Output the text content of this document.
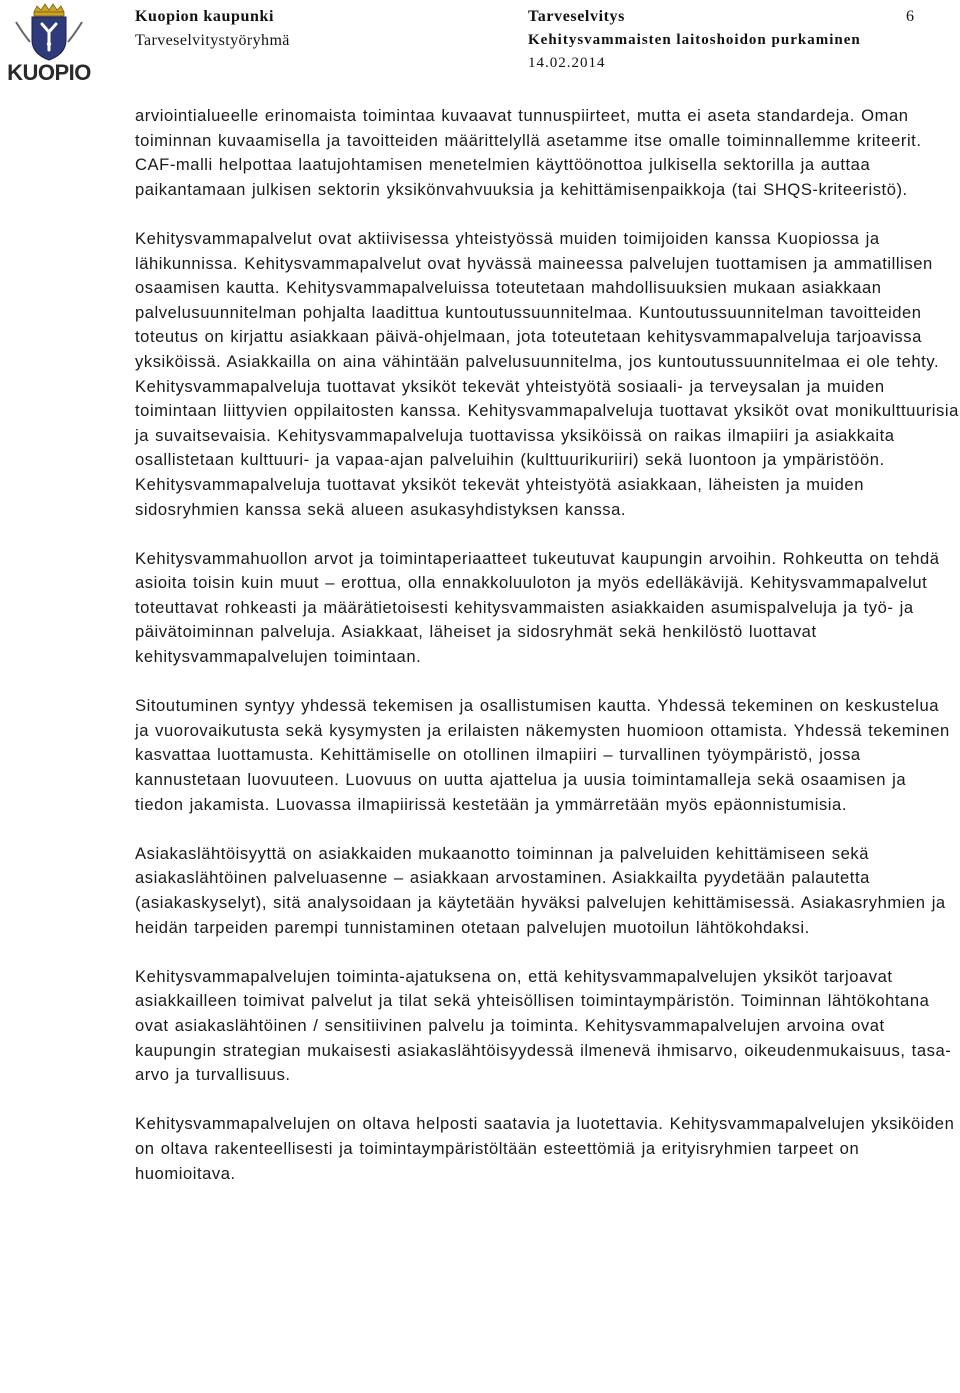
KUOPIO
Kuopion kaupunki
Tarveselvitystyöryhmä
Tarveselvitys	6
Kehitysvammaisten laitoshoidon purkaminen
14.02.2014

arviointialueelle erinomaista toimintaa kuvaavat tunnuspiirteet, mutta ei aseta standardeja. Oman toiminnan kuvaamisella ja tavoitteiden määrittelyllä asetamme itse omalle toiminnallemme kriteerit. CAF-malli helpottaa laatujohtamisen menetelmien käyttöönottoa julkisella sektorilla ja auttaa paikantamaan julkisen sektorin yksikönvahvuuksia ja kehittämisenpaikkoja (tai SHQS-kriteeristö).

Kehitysvammapalvelut ovat aktiivisessa yhteistyössä muiden toimijoiden kanssa Kuopiossa ja lähikunnissa. Kehitysvammapalvelut ovat hyvässä maineessa palvelujen tuottamisen ja ammatillisen osaamisen kautta. Kehitysvammapalveluissa toteutetaan mahdollisuuksien mukaan asiakkaan palvelusuunnitelman pohjalta laadittua kuntoutussuunnitelmaa. Kuntoutussuunnitelman tavoitteiden toteutus on kirjattu asiakkaan päivä-ohjelmaan, jota toteutetaan kehitysvammapalveluja tarjoavissa yksiköissä. Asiakkailla on aina vähintään palvelusuunnitelma, jos kuntoutussuunnitelmaa ei ole tehty. Kehitysvammapalveluja tuottavat yksiköt tekevät yhteistyötä sosiaali- ja terveysalan ja muiden toimintaan liittyvien oppilaitosten kanssa. Kehitysvammapalveluja tuottavat yksiköt ovat monikulttuurisia ja suvaitsevaisia. Kehitysvammapalveluja tuottavissa yksiköissä on raikas ilmapiiri ja asiakkaita osallistetaan kulttuuri- ja vapaa-ajan palveluihin (kulttuurikuriiri) sekä luontoon ja ympäristöön. Kehitysvammapalveluja tuottavat yksiköt tekevät yhteistyötä asiakkaan, läheisten ja muiden sidosryhmien kanssa sekä alueen asukasyhdistyksen kanssa.

Kehitysvammahuollon arvot ja toimintaperiaatteet tukeutuvat kaupungin arvoihin. Rohkeutta on tehdä asioita toisin kuin muut – erottua, olla ennakkoluuloton ja myös edelläkävijä. Kehitysvammapalvelut toteuttavat rohkeasti ja määrätietoisesti kehitysvammaisten asiakkaiden asumispalveluja ja työ- ja päivätoiminnan palveluja. Asiakkaat, läheiset ja sidosryhmät sekä henkilöstö luottavat kehitysvammapalvelujen toimintaan.

Sitoutuminen syntyy yhdessä tekemisen ja osallistumisen kautta. Yhdessä tekeminen on keskustelua ja vuorovaikutusta sekä kysymysten ja erilaisten näkemysten huomioon ottamista. Yhdessä tekeminen kasvattaa luottamusta. Kehittämiselle on otollinen ilmapiiri – turvallinen työympäristö, jossa kannustetaan luovuuteen. Luovuus on uutta ajattelua ja uusia toimintamalleja sekä osaamisen ja tiedon jakamista. Luovassa ilmapiirissä kestetään ja ymmärretään myös epäonnistumisia.

Asiakaslähtöisyyttä on asiakkaiden mukaanotto toiminnan ja palveluiden kehittämiseen sekä asiakaslähtöinen palveluasenne – asiakkaan arvostaminen. Asiakkailta pyydetään palautetta (asiakaskyselyt), sitä analysoidaan ja käytetään hyväksi palvelujen kehittämisessä. Asiakasryhmien ja heidän tarpeiden parempi tunnistaminen otetaan palvelujen muotoilun lähtökohdaksi.

Kehitysvammapalvelujen toiminta-ajatuksena on, että kehitysvammapalvelujen yksiköt tarjoavat asiakkailleen toimivat palvelut ja tilat sekä yhteisöllisen toimintaympäristön. Toiminnan lähtökohtana ovat asiakaslähtöinen / sensitiivinen palvelu ja toiminta. Kehitysvammapalvelujen arvoina ovat kaupungin strategian mukaisesti asiakaslähtöisyydessä ilmenevä ihmisarvo, oikeudenmukaisuus, tasa-arvo ja turvallisuus.

Kehitysvammapalvelujen on oltava helposti saatavia ja luotettavia. Kehitysvammapalvelujen yksiköiden on oltava rakenteellisesti ja toimintaympäristöltään esteettömiä ja erityisryhmien tarpeet on huomioitava.
